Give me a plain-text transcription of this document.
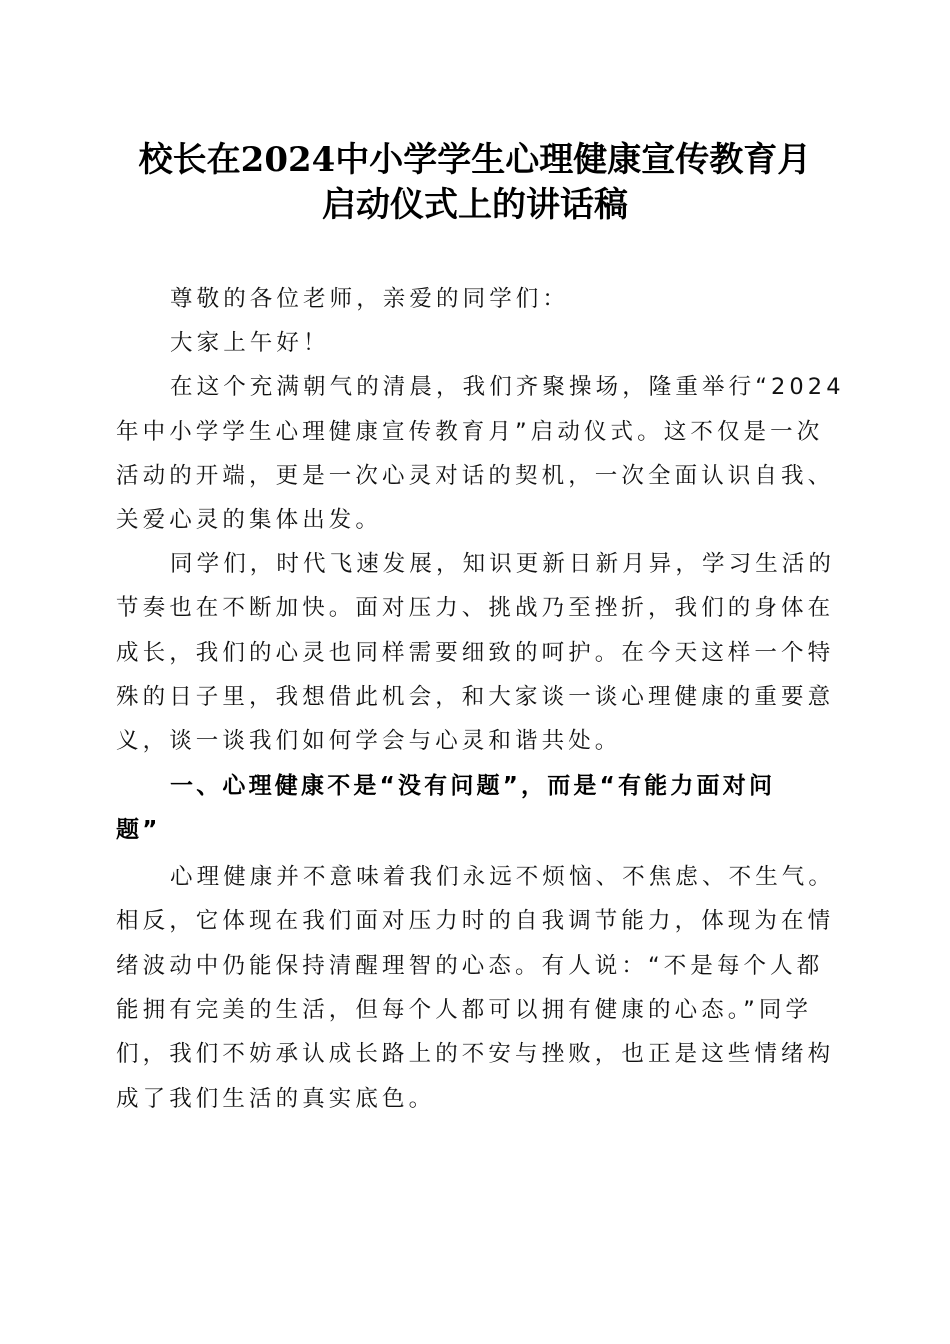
校长在2024中小学学生心理健康宣传教育月
启动仪式上的讲话稿
尊敬的各位老师，亲爱的同学们：
大家上午好！
在这个充满朝气的清晨，我们齐聚操场，隆重举行“2024
年中小学学生心理健康宣传教育月”启动仪式。这不仅是一次
活动的开端，更是一次心灵对话的契机，一次全面认识自我、
关爱心灵的集体出发。
同学们，时代飞速发展，知识更新日新月异，学习生活的
节奏也在不断加快。面对压力、挑战乃至挫折，我们的身体在
成长，我们的心灵也同样需要细致的呵护。在今天这样一个特
殊的日子里，我想借此机会，和大家谈一谈心理健康的重要意
义，谈一谈我们如何学会与心灵和谐共处。
一、心理健康不是“没有问题”，而是“有能力面对问
题”
心理健康并不意味着我们永远不烦恼、不焦虑、不生气。
相反，它体现在我们面对压力时的自我调节能力，体现为在情
绪波动中仍能保持清醒理智的心态。有人说：“不是每个人都
能拥有完美的生活，但每个人都可以拥有健康的心态。”同学
们，我们不妨承认成长路上的不安与挫败，也正是这些情绪构
成了我们生活的真实底色。
